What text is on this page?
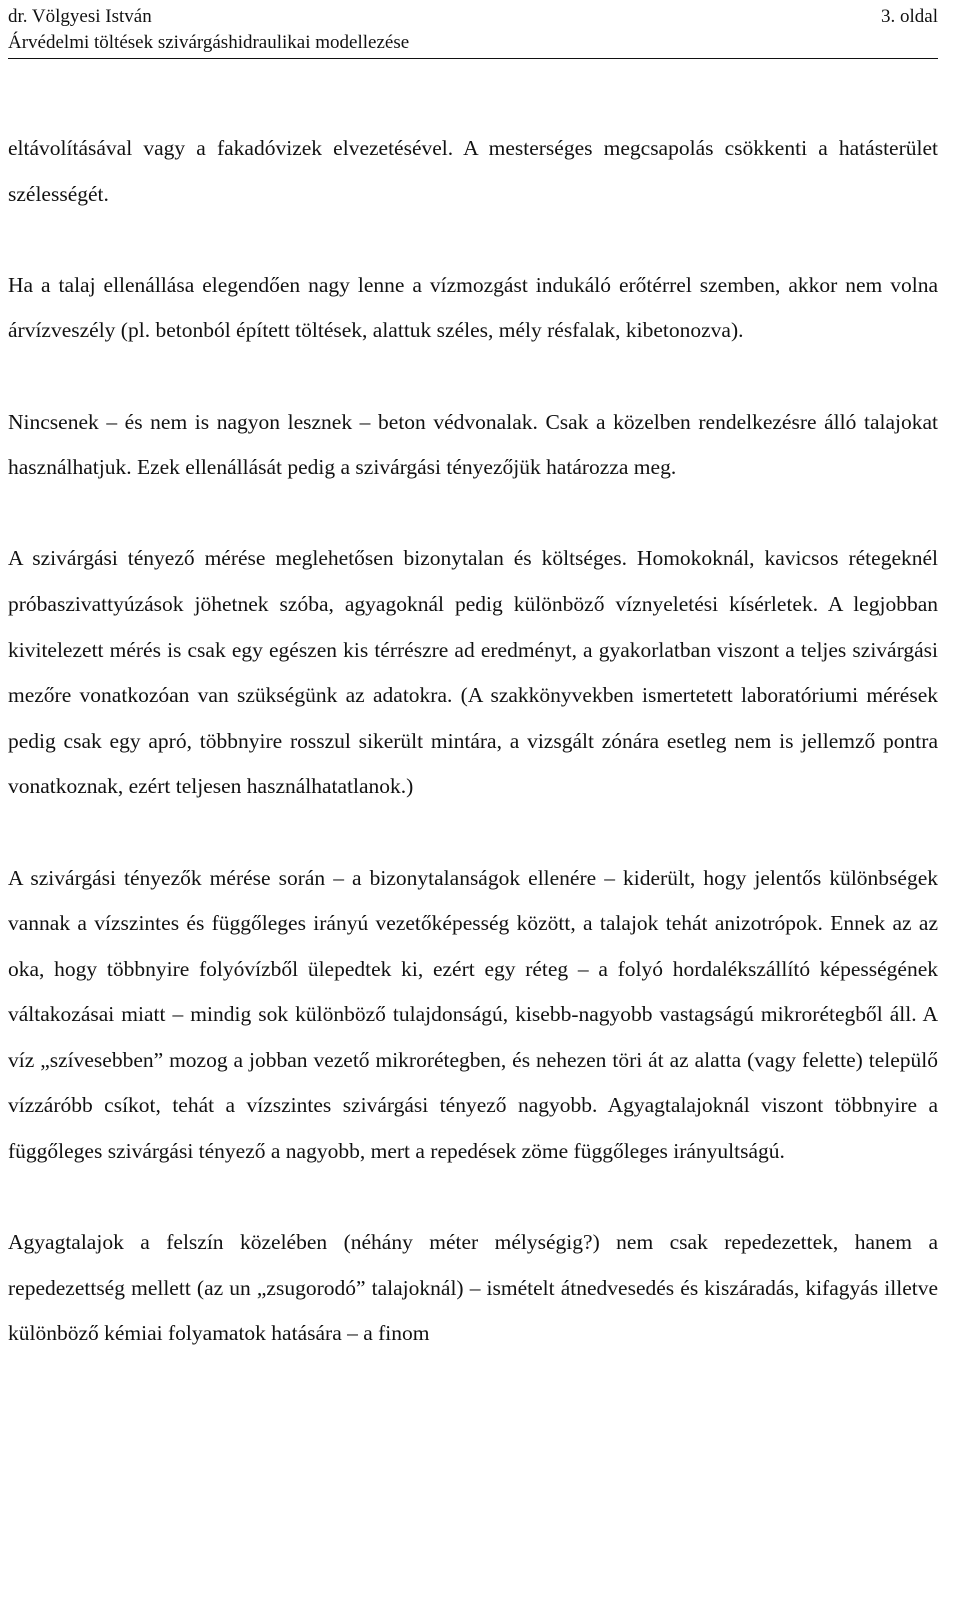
dr. Völgyesi István	3. oldal
Árvédelmi töltések szivárgáshidraulikai modellezése

eltávolításával vagy a fakadóvizek elvezetésével. A mesterséges megcsapolás csökkenti a hatásterület szélességét.

Ha a talaj ellenállása elegendően nagy lenne a vízmozgást indukáló erőtérrel szemben, akkor nem volna árvízveszély (pl. betonból épített töltések, alattuk széles, mély résfalak, kibetonozva).

Nincsenek – és nem is nagyon lesznek – beton védvonalak. Csak a közelben rendelkezésre álló talajokat használhatjuk. Ezek ellenállását pedig a szivárgási tényezőjük határozza meg.

A szivárgási tényező mérése meglehetősen bizonytalan és költséges. Homokoknál, kavicsos rétegeknél próbaszivattyúzások jöhetnek szóba, agyagoknál pedig különböző víznyeletési kísérletek. A legjobban kivitelezett mérés is csak egy egészen kis térrészre ad eredményt, a gyakorlatban viszont a teljes szivárgási mezőre vonatkozóan van szükségünk az adatokra. (A szakkönyvekben ismertetett laboratóriumi mérések pedig csak egy apró, többnyire rosszul sikerült mintára, a vizsgált zónára esetleg nem is jellemző pontra vonatkoznak, ezért teljesen használhatatlanok.)

A szivárgási tényezők mérése során – a bizonytalanságok ellenére – kiderült, hogy jelentős különbségek vannak a vízszintes és függőleges irányú vezetőképesség között, a talajok tehát anizotrópok. Ennek az az oka, hogy többnyire folyóvízből ülepedtek ki, ezért egy réteg – a folyó hordalékszállító képességének váltakozásai miatt – mindig sok különböző tulajdonságú, kisebb-nagyobb vastagságú mikrorétegből áll. A víz „szívesebben” mozog a jobban vezető mikrorétegben, és nehezen töri át az alatta (vagy felette) települő vízzáróbb csíkot, tehát a vízszintes szivárgási tényező nagyobb. Agyagtalajoknál viszont többnyire a függőleges szivárgási tényező a nagyobb, mert a repedések zöme függőleges irányultságú.

Agyagtalajok a felszín közelében (néhány méter mélységig?) nem csak repedezettek, hanem a repedezettség mellett (az un „zsugorodó” talajoknál) – ismételt átnedvesedés és kiszáradás, kifagyás illetve különböző kémiai folyamatok hatására – a finom
